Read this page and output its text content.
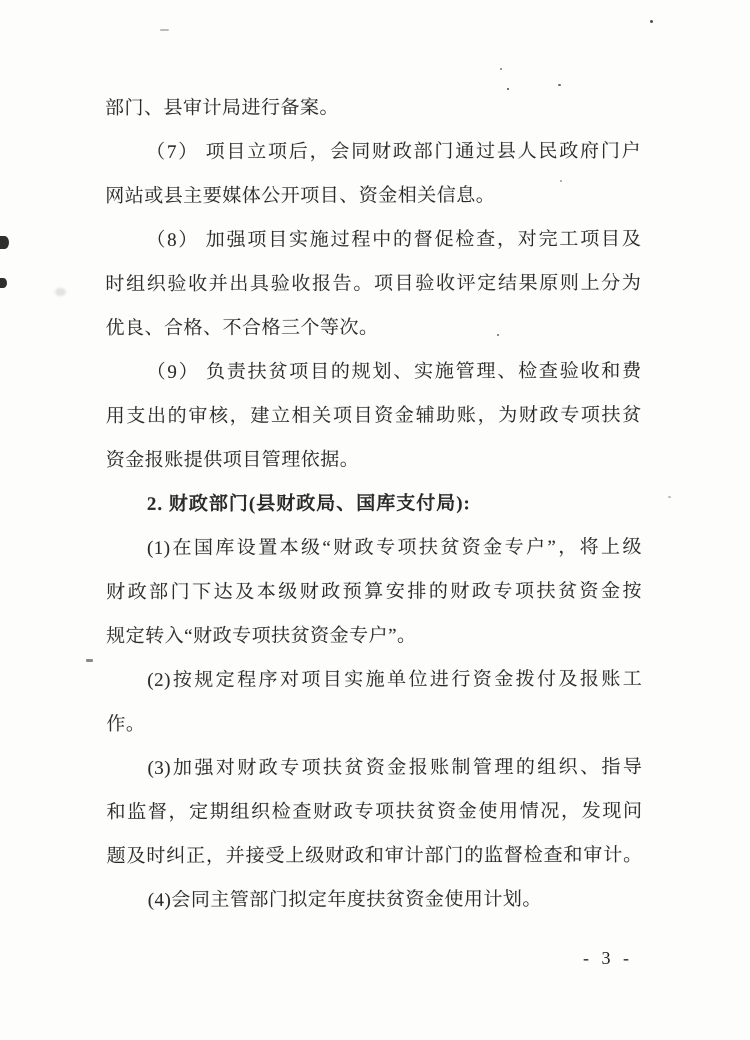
部门、县审计局进行备案。
（7） 项目立项后，会同财政部门通过县人民政府门户
网站或县主要媒体公开项目、资金相关信息。
（8） 加强项目实施过程中的督促检查，对完工项目及
时组织验收并出具验收报告。项目验收评定结果原则上分为
优良、合格、不合格三个等次。
（9） 负责扶贫项目的规划、实施管理、检查验收和费
用支出的审核，建立相关项目资金辅助账，为财政专项扶贫
资金报账提供项目管理依据。
2. 财政部门(县财政局、国库支付局):
(1)在国库设置本级“财政专项扶贫资金专户”，将上级
财政部门下达及本级财政预算安排的财政专项扶贫资金按
规定转入“财政专项扶贫资金专户”。
(2)按规定程序对项目实施单位进行资金拨付及报账工
作。
(3)加强对财政专项扶贫资金报账制管理的组织、指导
和监督，定期组织检查财政专项扶贫资金使用情况，发现问
题及时纠正，并接受上级财政和审计部门的监督检查和审计。
(4)会同主管部门拟定年度扶贫资金使用计划。
- 3 -
